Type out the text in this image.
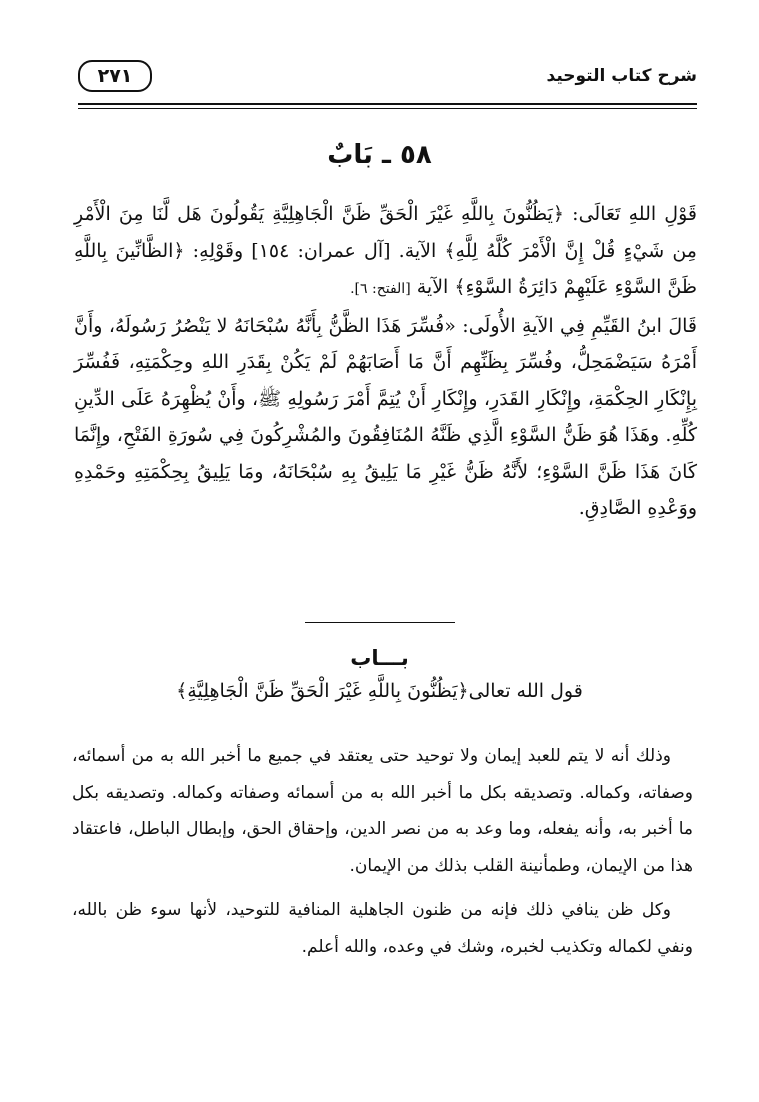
شرح كتاب التوحيد
٢٧١
٥٨ ـ بَابٌ

قَوْلِ اللهِ تَعَالَى: ﴿يَظُنُّونَ بِاللَّهِ غَيْرَ الْحَقِّ ظَنَّ الْجَاهِلِيَّةِ يَقُولُونَ هَل لَّنَا مِنَ الْأَمْرِ مِن شَيْءٍ قُلْ إِنَّ الْأَمْرَ كُلَّهُ لِلَّهِ﴾ الآية. [آل عمران: ١٥٤] وقَوْلِهِ: ﴿الظَّانِّينَ بِاللَّهِ ظَنَّ السَّوْءِ عَلَيْهِمْ دَائِرَةُ السَّوْءِ﴾ الآية [الفتح: ٦].

قَالَ ابنُ القَيِّمِ فِي الآيةِ الأُولَى: «فُسِّرَ هَذَا الظَّنُّ بِأَنَّهُ سُبْحَانَهُ لا يَنْصُرُ رَسُولَهُ، وأَنَّ أَمْرَهُ سَيَضْمَحِلُّ، وفُسِّرَ بِظَنِّهِم أَنَّ مَا أَصَابَهُمْ لَمْ يَكُنْ بِقَدَرِ اللهِ وحِكْمَتِهِ، فَفُسِّرَ بِإِنْكَارِ الحِكْمَةِ، وإِنْكَارِ القَدَرِ، وإِنْكَارِ أَنْ يُتِمَّ أَمْرَ رَسُولِهِ ﷺ، وأَنْ يُظْهِرَهُ عَلَى الدِّينِ كُلِّهِ. وهَذَا هُوَ ظَنُّ السَّوْءِ الَّذِي ظَنَّهُ المُنَافِقُونَ والمُشْرِكُونَ فِي سُورَةِ الفَتْحِ، وإِنَّمَا كَانَ هَذَا ظَنَّ السَّوْءِ؛ لأَنَّهُ ظَنُّ غَيْرِ مَا يَلِيقُ بِهِ سُبْحَانَهُ، ومَا يَلِيقُ بِحِكْمَتِهِ وحَمْدِهِ ووَعْدِهِ الصَّادِقِ.

بـــاب
قول الله تعالى﴿يَظُنُّونَ بِاللَّهِ غَيْرَ الْحَقِّ ظَنَّ الْجَاهِلِيَّةِ﴾

وذلك أنه لا يتم للعبد إيمان ولا توحيد حتى يعتقد في جميع ما أخبر الله به من أسمائه، وصفاته، وكماله. وتصديقه بكل ما أخبر الله به من أسمائه وصفاته وكماله. وتصديقه بكل ما أخبر به، وأنه يفعله، وما وعد به من نصر الدين، وإحقاق الحق، وإبطال الباطل، فاعتقاد هذا من الإيمان، وطمأنينة القلب بذلك من الإيمان.

وكل ظن ينافي ذلك فإنه من ظنون الجاهلية المنافية للتوحيد، لأنها سوء ظن بالله، ونفي لكماله وتكذيب لخبره، وشك في وعده، والله أعلم.
